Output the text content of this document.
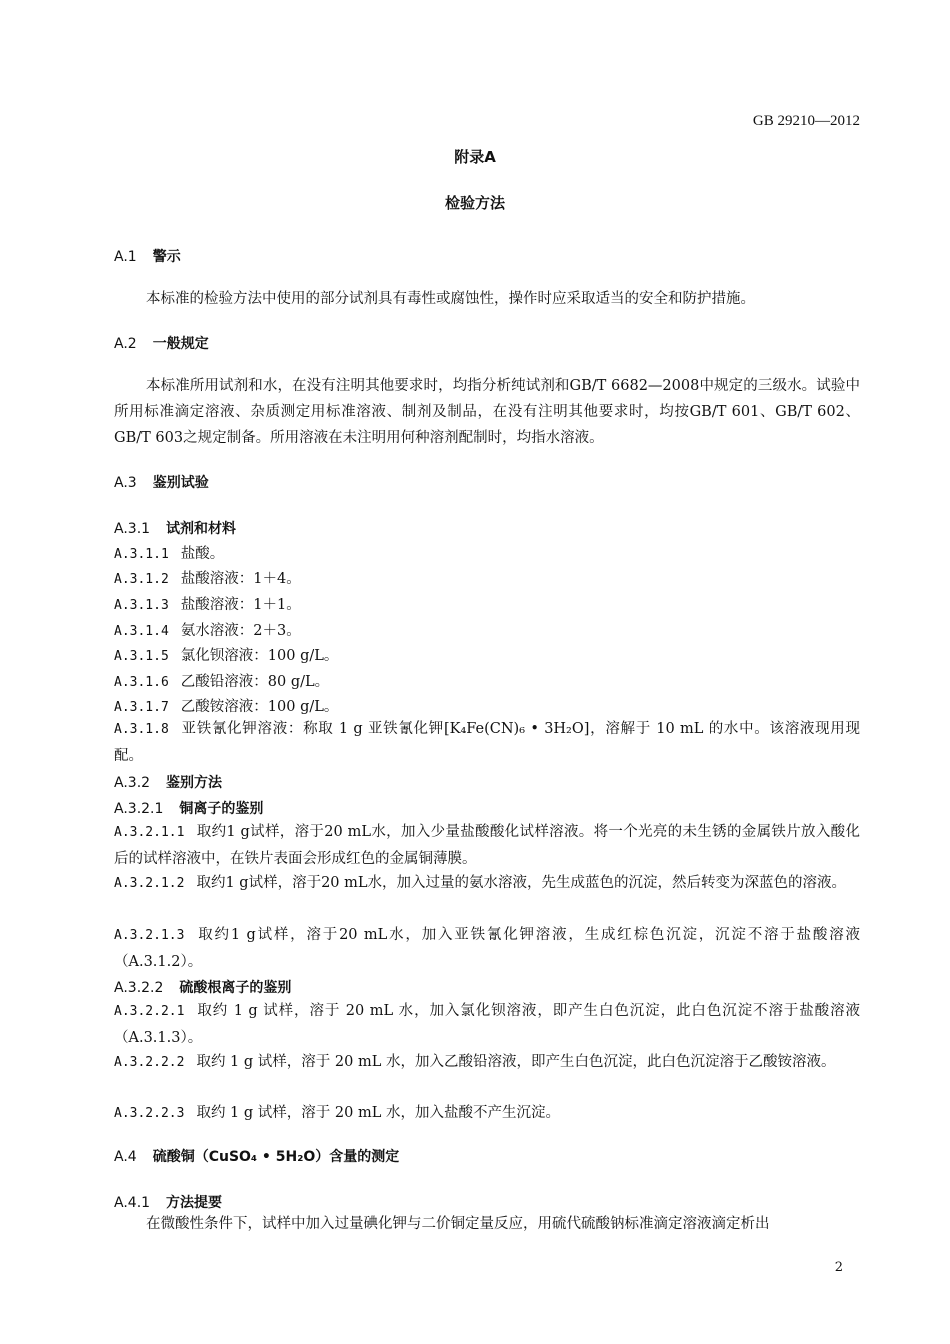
GB 29210—2012
附录A
检验方法
A.1 警示
本标准的检验方法中使用的部分试剂具有毒性或腐蚀性，操作时应采取适当的安全和防护措施。
A.2 一般规定
本标准所用试剂和水，在没有注明其他要求时，均指分析纯试剂和GB/T 6682—2008中规定的三级水。试验中所用标准滴定溶液、杂质测定用标准溶液、制剂及制品，在没有注明其他要求时，均按GB/T 601、GB/T 602、GB/T 603之规定制备。所用溶液在未注明用何种溶剂配制时，均指水溶液。
A.3 鉴别试验
A.3.1 试剂和材料
A.3.1.1 盐酸。
A.3.1.2 盐酸溶液：1＋4。
A.3.1.3 盐酸溶液：1＋1。
A.3.1.4 氨水溶液：2＋3。
A.3.1.5 氯化钡溶液：100 g/L。
A.3.1.6 乙酸铅溶液：80 g/L。
A.3.1.7 乙酸铵溶液：100 g/L。
A.3.1.8 亚铁氰化钾溶液：称取 1 g 亚铁氰化钾[K₄Fe(CN)₆ • 3H₂O]，溶解于 10 mL 的水中。该溶液现用现配。
A.3.2 鉴别方法
A.3.2.1 铜离子的鉴别
A.3.2.1.1 取约1 g试样，溶于20 mL水，加入少量盐酸酸化试样溶液。将一个光亮的未生锈的金属铁片放入酸化后的试样溶液中，在铁片表面会形成红色的金属铜薄膜。
A.3.2.1.2 取约1 g试样，溶于20 mL水，加入过量的氨水溶液，先生成蓝色的沉淀，然后转变为深蓝色的溶液。
A.3.2.1.3 取约1 g试样，溶于20 mL水，加入亚铁氰化钾溶液，生成红棕色沉淀，沉淀不溶于盐酸溶液（A.3.1.2）。
A.3.2.2 硫酸根离子的鉴别
A.3.2.2.1 取约 1 g 试样，溶于 20 mL 水，加入氯化钡溶液，即产生白色沉淀，此白色沉淀不溶于盐酸溶液（A.3.1.3）。
A.3.2.2.2 取约 1 g 试样，溶于 20 mL 水，加入乙酸铅溶液，即产生白色沉淀，此白色沉淀溶于乙酸铵溶液。
A.3.2.2.3 取约 1 g 试样，溶于 20 mL 水，加入盐酸不产生沉淀。
A.4 硫酸铜（CuSO₄ • 5H₂O）含量的测定
A.4.1 方法提要
在微酸性条件下，试样中加入过量碘化钾与二价铜定量反应，用硫代硫酸钠标准滴定溶液滴定析出
2
